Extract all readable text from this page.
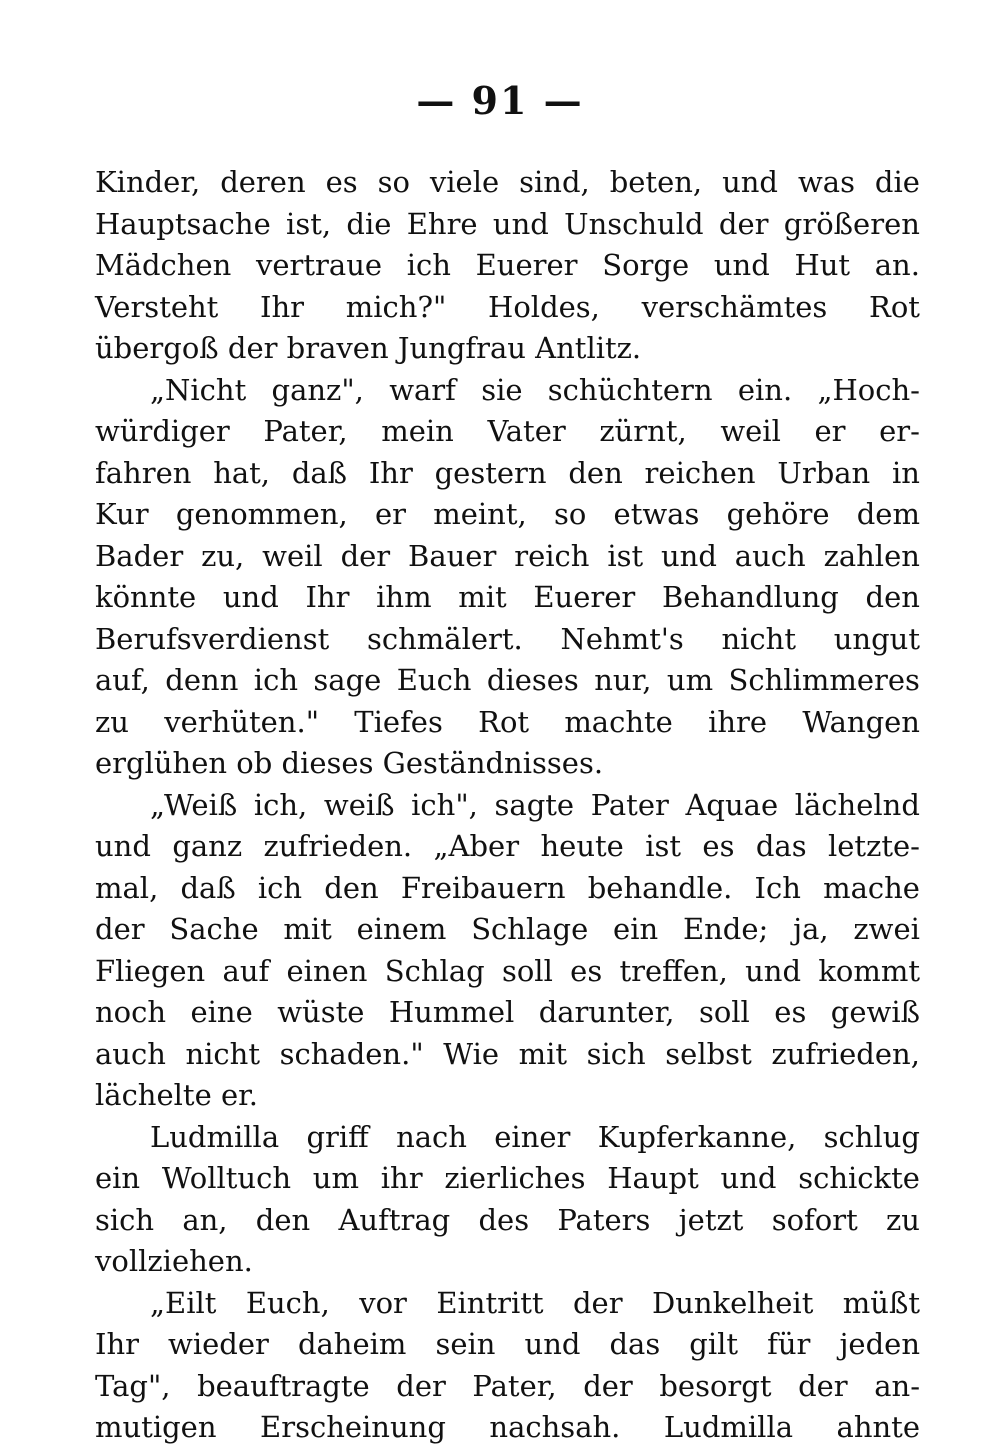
— 91 —
Kinder, deren es so viele sind, beten, und was die
Hauptsache ist, die Ehre und Unschuld der größeren
Mädchen vertraue ich Euerer Sorge und Hut an.
Versteht Ihr mich?" Holdes, verschämtes Rot
übergoß der braven Jungfrau Antlitz.
„Nicht ganz", warf sie schüchtern ein. „Hoch-
würdiger Pater, mein Vater zürnt, weil er er-
fahren hat, daß Ihr gestern den reichen Urban in
Kur genommen, er meint, so etwas gehöre dem
Bader zu, weil der Bauer reich ist und auch zahlen
könnte und Ihr ihm mit Euerer Behandlung den
Berufsverdienst schmälert. Nehmt's nicht ungut
auf, denn ich sage Euch dieses nur, um Schlimmeres
zu verhüten." Tiefes Rot machte ihre Wangen
erglühen ob dieses Geständnisses.
„Weiß ich, weiß ich", sagte Pater Aquae lächelnd
und ganz zufrieden. „Aber heute ist es das letzte-
mal, daß ich den Freibauern behandle. Ich mache
der Sache mit einem Schlage ein Ende; ja, zwei
Fliegen auf einen Schlag soll es treffen, und kommt
noch eine wüste Hummel darunter, soll es gewiß
auch nicht schaden." Wie mit sich selbst zufrieden,
lächelte er.
Ludmilla griff nach einer Kupferkanne, schlug
ein Wolltuch um ihr zierliches Haupt und schickte
sich an, den Auftrag des Paters jetzt sofort zu
vollziehen.
„Eilt Euch, vor Eintritt der Dunkelheit müßt
Ihr wieder daheim sein und das gilt für jeden
Tag", beauftragte der Pater, der besorgt der an-
mutigen Erscheinung nachsah. Ludmilla ahnte
